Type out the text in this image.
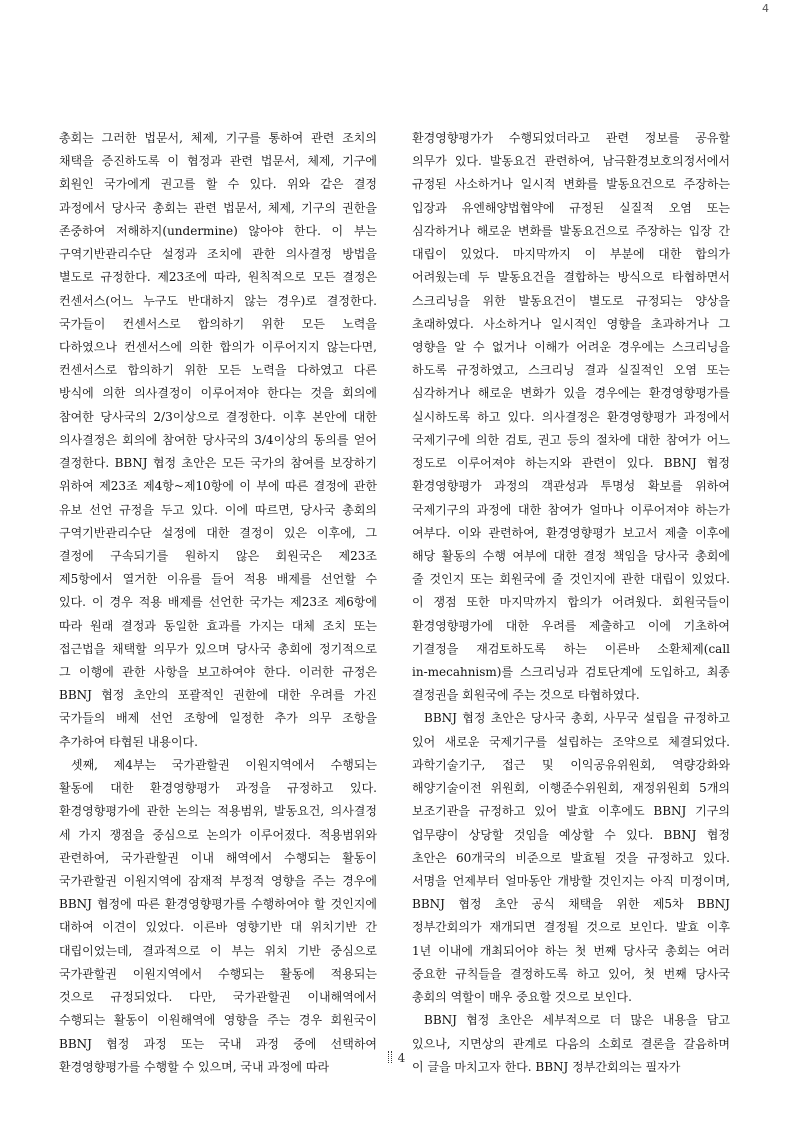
4
총회는 그러한 법문서, 체제, 기구를 통하여 관련 조치의
채택을 증진하도록 이 협정과 관련 법문서, 체제, 기구에
회원인 국가에게 권고를 할 수 있다. 위와 같은 결정
과정에서 당사국 총회는 관련 법문서, 체제, 기구의 권한을
존중하여 저해하지(undermine) 않아야 한다. 이 부는
구역기반관리수단 설정과 조치에 관한 의사결정 방법을
별도로 규정한다. 제23조에 따라, 원칙적으로 모든 결정은
컨센서스(어느 누구도 반대하지 않는 경우)로 결정한다.
국가들이 컨센서스로 합의하기 위한 모든 노력을
다하였으나 컨센서스에 의한 합의가 이루어지지 않는다면,
컨센서스로 합의하기 위한 모든 노력을 다하였고 다른
방식에 의한 의사결정이 이루어져야 한다는 것을 회의에
참여한 당사국의 2/3이상으로 결정한다. 이후 본안에 대한
의사결정은 회의에 참여한 당사국의 3/4이상의 동의를 얻어
결정한다. BBNJ 협정 초안은 모든 국가의 참여를 보장하기
위하여 제23조 제4항~제10항에 이 부에 따른 결정에 관한
유보 선언 규정을 두고 있다. 이에 따르면, 당사국 총회의
구역기반관리수단 설정에 대한 결정이 있은 이후에, 그
결정에 구속되기를 원하지 않은 회원국은 제23조
제5항에서 열거한 이유를 들어 적용 배제를 선언할 수
있다. 이 경우 적용 배제를 선언한 국가는 제23조 제6항에
따라 원래 결정과 동일한 효과를 가지는 대체 조치 또는
접근법을 채택할 의무가 있으며 당사국 총회에 정기적으로
그 이행에 관한 사항을 보고하여야 한다. 이러한 규정은
BBNJ 협정 초안의 포괄적인 권한에 대한 우려를 가진
국가들의 배제 선언 조항에 일정한 추가 의무 조항을
추가하여 타협된 내용이다.
셋째, 제4부는 국가관할권 이원지역에서 수행되는
활동에 대한 환경영향평가 과정을 규정하고 있다.
환경영향평가에 관한 논의는 적용범위, 발동요건, 의사결정
세 가지 쟁점을 중심으로 논의가 이루어졌다. 적용범위와
관련하여, 국가관할권 이내 해역에서 수행되는 활동이
국가관할권 이원지역에 잠재적 부정적 영향을 주는 경우에
BBNJ 협정에 따른 환경영향평가를 수행하여야 할 것인지에
대하여 이견이 있었다. 이른바 영향기반 대 위치기반 간
대립이었는데, 결과적으로 이 부는 위치 기반 중심으로
국가관할권 이원지역에서 수행되는 활동에 적용되는
것으로 규정되었다. 다만, 국가관할권 이내해역에서
수행되는 활동이 이원해역에 영향을 주는 경우 회원국이
BBNJ 협정 과정 또는 국내 과정 중에 선택하여
환경영향평가를 수행할 수 있으며, 국내 과정에 따라
환경영향평가가 수행되었더라고 관련 정보를 공유할
의무가 있다. 발동요건 관련하여, 남극환경보호의정서에서
규정된 사소하거나 일시적 변화를 발동요건으로 주장하는
입장과 유엔해양법협약에 규정된 실질적 오염 또는
심각하거나 해로운 변화를 발동요건으로 주장하는 입장 간
대립이 있었다. 마지막까지 이 부분에 대한 합의가
어려웠는데 두 발동요건을 결합하는 방식으로 타협하면서
스크리닝을 위한 발동요건이 별도로 규정되는 양상을
초래하였다. 사소하거나 일시적인 영향을 초과하거나 그
영향을 알 수 없거나 이해가 어려운 경우에는 스크리닝을
하도록 규정하였고, 스크리닝 결과 실질적인 오염 또는
심각하거나 해로운 변화가 있을 경우에는 환경영향평가를
실시하도록 하고 있다. 의사결정은 환경영향평가 과정에서
국제기구에 의한 검토, 권고 등의 절차에 대한 참여가 어느
정도로 이루어져야 하는지와 관련이 있다. BBNJ 협정
환경영향평가 과정의 객관성과 투명성 확보를 위하여
국제기구의 과정에 대한 참여가 얼마나 이루어져야 하는가
여부다. 이와 관련하여, 환경영향평가 보고서 제출 이후에
해당 활동의 수행 여부에 대한 결정 책임을 당사국 총회에
줄 것인지 또는 회원국에 줄 것인지에 관한 대립이 있었다.
이 쟁점 또한 마지막까지 합의가 어려웠다. 회원국들이
환경영향평가에 대한 우려를 제출하고 이에 기초하여
기결정을 재검토하도록 하는 이른바 소환체제(call
in-mecahnism)를 스크리닝과 검토단계에 도입하고, 최종
결정권을 회원국에 주는 것으로 타협하였다.
BBNJ 협정 초안은 당사국 총회, 사무국 설립을 규정하고
있어 새로운 국제기구를 설립하는 조약으로 체결되었다.
과학기술기구, 접근 및 이익공유위원회, 역량강화와
해양기술이전 위원회, 이행준수위원회, 재정위원회 5개의
보조기관을 규정하고 있어 발효 이후에도 BBNJ 기구의
업무량이 상당할 것임을 예상할 수 있다. BBNJ 협정
초안은 60개국의 비준으로 발효될 것을 규정하고 있다.
서명을 언제부터 얼마동안 개방할 것인지는 아직 미정이며,
BBNJ 협정 초안 공식 채택을 위한 제5차 BBNJ
정부간회의가 재개되면 결정될 것으로 보인다. 발효 이후
1년 이내에 개최되어야 하는 첫 번째 당사국 총회는 여러
중요한 규칙들을 결정하도록 하고 있어, 첫 번째 당사국
총회의 역할이 매우 중요할 것으로 보인다.
BBNJ 협정 초안은 세부적으로 더 많은 내용을 담고
있으나, 지면상의 관계로 다음의 소회로 결론을 갈음하며
이 글을 마치고자 한다. BBNJ 정부간회의는 필자가
4
